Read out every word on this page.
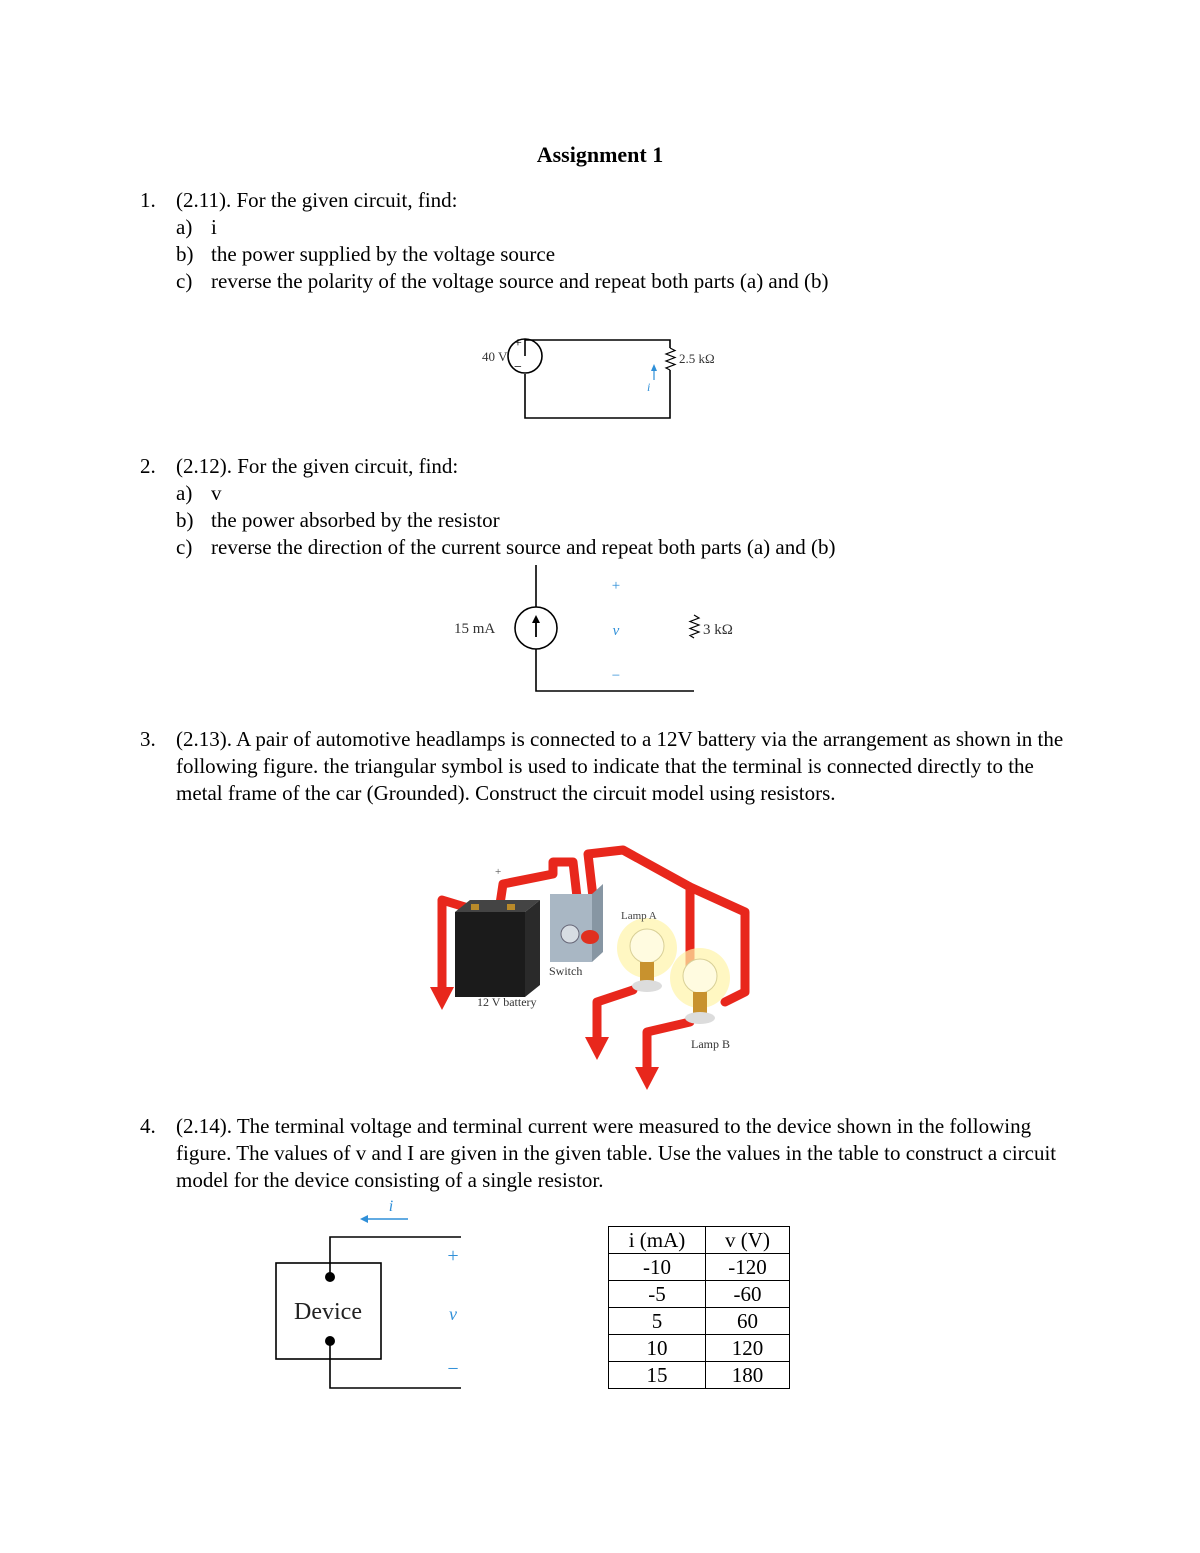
Assignment 1
1. (2.11). For the given circuit, find:
a) i
b) the power supplied by the voltage source
c) reverse the polarity of the voltage source and repeat both parts (a) and (b)
+
−
40 V	2.5 kΩ
i
2. (2.12). For the given circuit, find:
a) v
b) the power absorbed by the resistor
c) reverse the direction of the current source and repeat both parts (a) and (b)
15 mA
+
v
−
3 kΩ
3. (2.13). A pair of automotive headlamps is connected to a 12V battery via the arrangement as shown in the following figure. the triangular symbol is used to indicate that the terminal is connected directly to the metal frame of the car (Grounded). Construct the circuit model using resistors.
+
12 V battery
Switch
Lamp A
Lamp B
4. (2.14). The terminal voltage and terminal current were measured to the device shown in the following figure. The values of v and I are given in the given table. Use the values in the table to construct a circuit model for the device consisting of a single resistor.
Device
i
+
v
−
i (mA)	v (V)
-10	-120
-5	-60
5	60
10	120
15	180
